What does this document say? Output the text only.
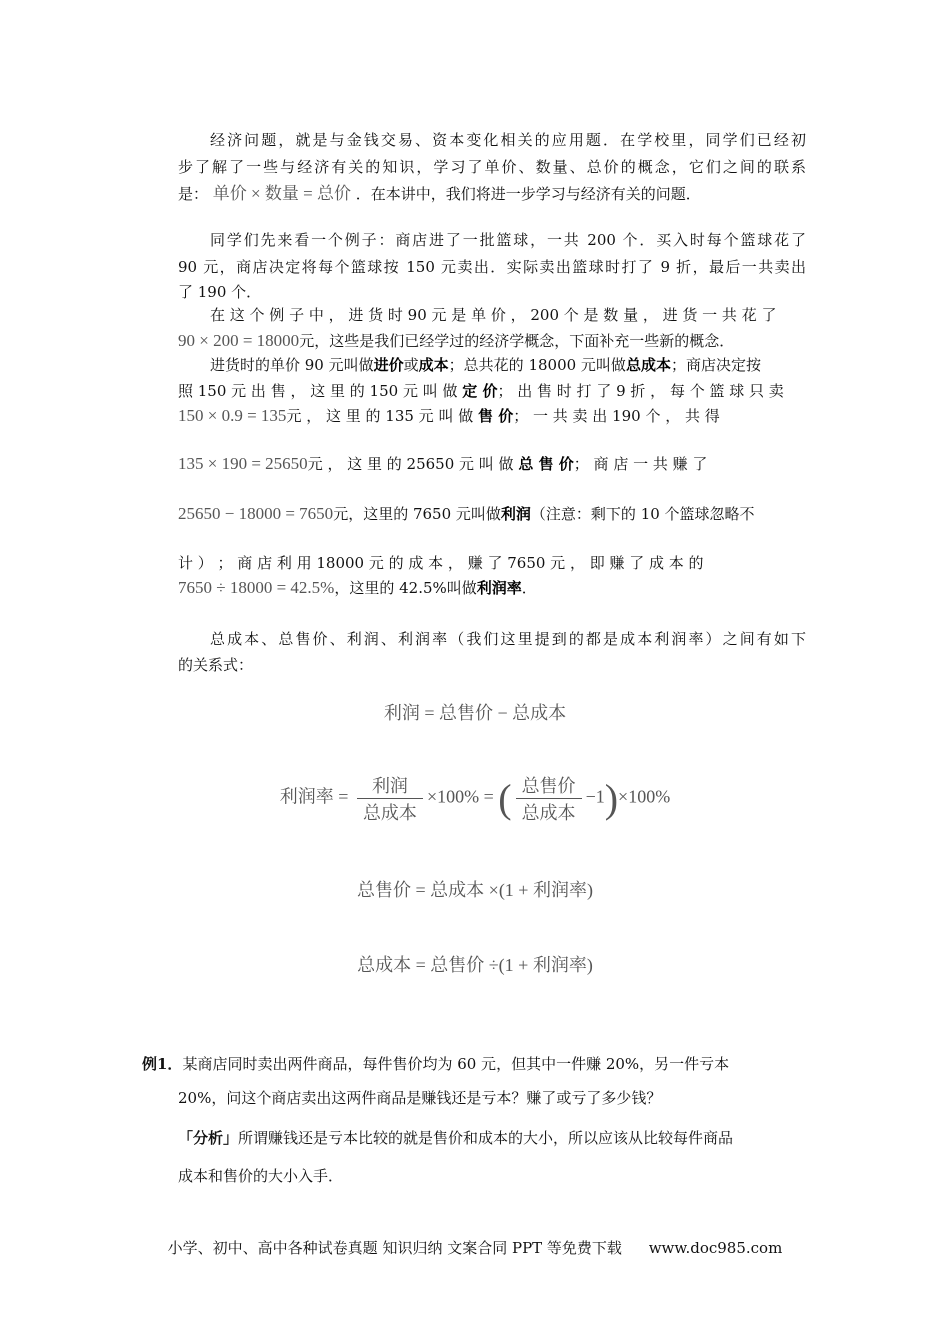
经济问题，就是与金钱交易、资本变化相关的应用题．在学校里，同学们已经初
步了解了一些与经济有关的知识，学习了单价、数量、总价的概念，它们之间的联系
是： 单价 × 数量 = 总价 ．在本讲中，我们将进一步学习与经济有关的问题．
同学们先来看一个例子：商店进了一批篮球，一共 200 个．买入时每个篮球花了
90 元，商店决定将每个篮球按 150 元卖出．实际卖出篮球时打了 9 折，最后一共卖出
了 190 个．
在 这 个 例 子 中 ， 进 货 时 90 元 是 单 价 ， 200 个 是 数 量 ， 进 货 一 共 花 了
90 × 200 = 18000元，这些是我们已经学过的经济学概念，下面补充一些新的概念．
进货时的单价 90 元叫做进价或成本；总共花的 18000 元叫做总成本；商店决定按
照 150 元 出 售 ， 这 里 的 150 元 叫 做 定 价； 出 售 时 打 了 9 折 ， 每 个 篮 球 只 卖
150 × 0.9 = 135元 ， 这 里 的 135 元 叫 做 售 价； 一 共 卖 出 190 个 ， 共 得
135 × 190 = 25650元 ， 这 里 的 25650 元 叫 做 总 售 价； 商 店 一 共 赚 了
25650 − 18000 = 7650元，这里的 7650 元叫做利润（注意：剩下的 10 个篮球忽略不
计 ） ； 商 店 利 用 18000 元 的 成 本 ， 赚 了 7650 元 ， 即 赚 了 成 本 的
7650 ÷ 18000 = 42.5%，这里的 42.5%叫做利润率．
总成本、总售价、利润、利润率（我们这里提到的都是成本利润率）之间有如下
的关系式：
利润 = 总售价 − 总成本
利润率 = $\frac{\text{利润}}{\text{总成本}} \times 100\%$ = ( $\frac{\text{总售价}}{\text{总成本}} -1)\times 100\%$
总售价 = 总成本 ×(1 + 利润率)
总成本 = 总售价 ÷(1 + 利润率)
例1．某商店同时卖出两件商品，每件售价均为 60 元，但其中一件赚 20%，另一件亏本
20%，问这个商店卖出这两件商品是赚钱还是亏本？赚了或亏了多少钱？
「分析」所谓赚钱还是亏本比较的就是售价和成本的大小，所以应该从比较每件商品
成本和售价的大小入手．
小学、初中、高中各种试卷真题 知识归纳 文案合同 PPT 等免费下载 www.doc985.com
